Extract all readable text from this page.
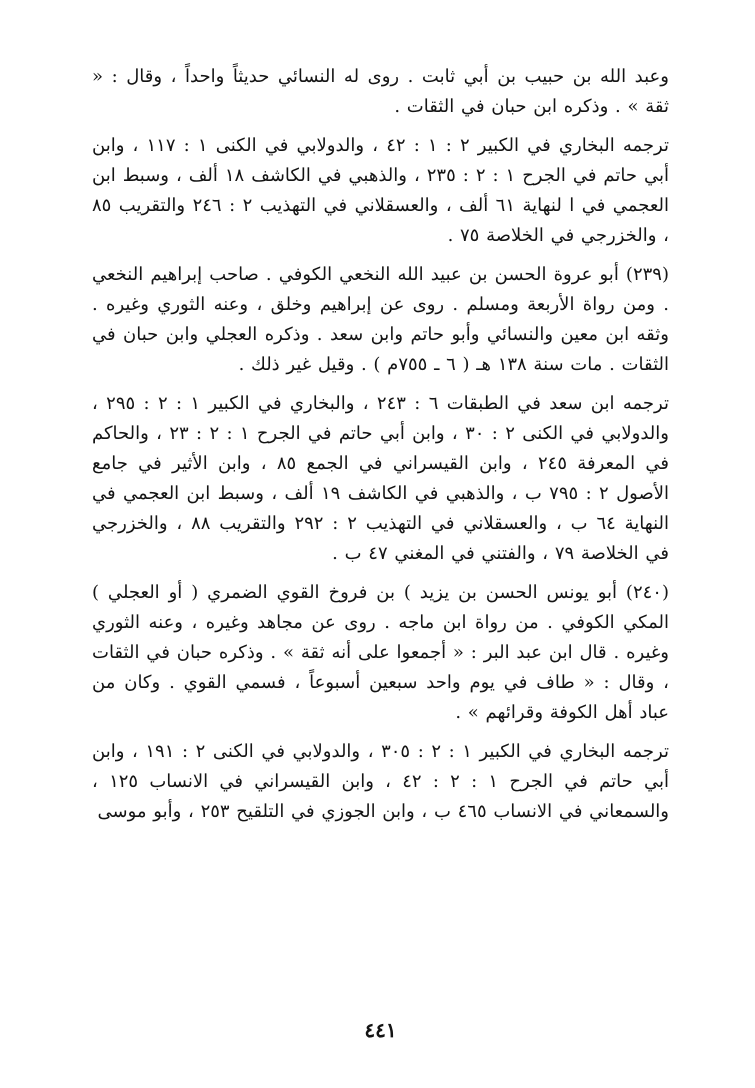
وعبد الله بن حبيب بن أبي ثابت . روى له النسائي حديثاً واحداً ، وقال : « ثقة » . وذكره ابن حبان في الثقات .

ترجمه البخاري في الكبير ٢ : ١ : ٤٢ ، والدولابي في الكنى ١ : ١١٧ ، وابن أبي حاتم في الجرح ١ : ٢ : ٢٣٥ ، والذهبي في الكاشف ١٨ ألف ، وسبط ابن العجمي في ا لنهاية ٦١ ألف ، والعسقلاني في التهذيب ٢ : ٢٤٦ والتقريب ٨٥ ، والخزرجي في الخلاصة ٧٥ .

(٢٣٩) أبو عروة الحسن بن عبيد الله النخعي الكوفي . صاحب إبراهيم النخعي . ومن رواة الأربعة ومسلم . روى عن إبراهيم وخلق ، وعنه الثوري وغيره . وثقه ابن معين والنسائي وأبو حاتم وابن سعد . وذكره العجلي وابن حبان في الثقات . مات سنة ١٣٨ هـ ( ٦ ـ ٧٥٥م ) . وقيل غير ذلك .

ترجمه ابن سعد في الطبقات ٦ : ٢٤٣ ، والبخاري في الكبير ١ : ٢ : ٢٩٥ ، والدولابي في الكنى ٢ : ٣٠ ، وابن أبي حاتم في الجرح ١ : ٢ : ٢٣ ، والحاكم في المعرفة ٢٤٥ ، وابن القيسراني في الجمع ٨٥ ، وابن الأثير في جامع الأصول ٢ : ٧٩٥ ب ، والذهبي في الكاشف ١٩ ألف ، وسبط ابن العجمي في النهاية ٦٤ ب ، والعسقلاني في التهذيب ٢ : ٢٩٢ والتقريب ٨٨ ، والخزرجي في الخلاصة ٧٩ ، والفتني في المغني ٤٧ ب .

(٢٤٠) أبو يونس الحسن بن يزيد ) بن فروخ القوي الضمري ( أو العجلي ) المكي الكوفي . من رواة ابن ماجه . روى عن مجاهد وغيره ، وعنه الثوري وغيره . قال ابن عبد البر : « أجمعوا على أنه ثقة » . وذكره حبان في الثقات ، وقال : « طاف في يوم واحد سبعين أسبوعاً ، فسمي القوي . وكان من عباد أهل الكوفة وقرائهم » .

ترجمه البخاري في الكبير ١ : ٢ : ٣٠٥ ، والدولابي في الكنى ٢ : ١٩١ ، وابن أبي حاتم في الجرح ١ : ٢ : ٤٢ ، وابن القيسراني في الانساب ١٢٥ ، والسمعاني في الانساب ٤٦٥ ب ، وابن الجوزي في التلقيح ٢٥٣ ، وأبو موسى

٤٤١
